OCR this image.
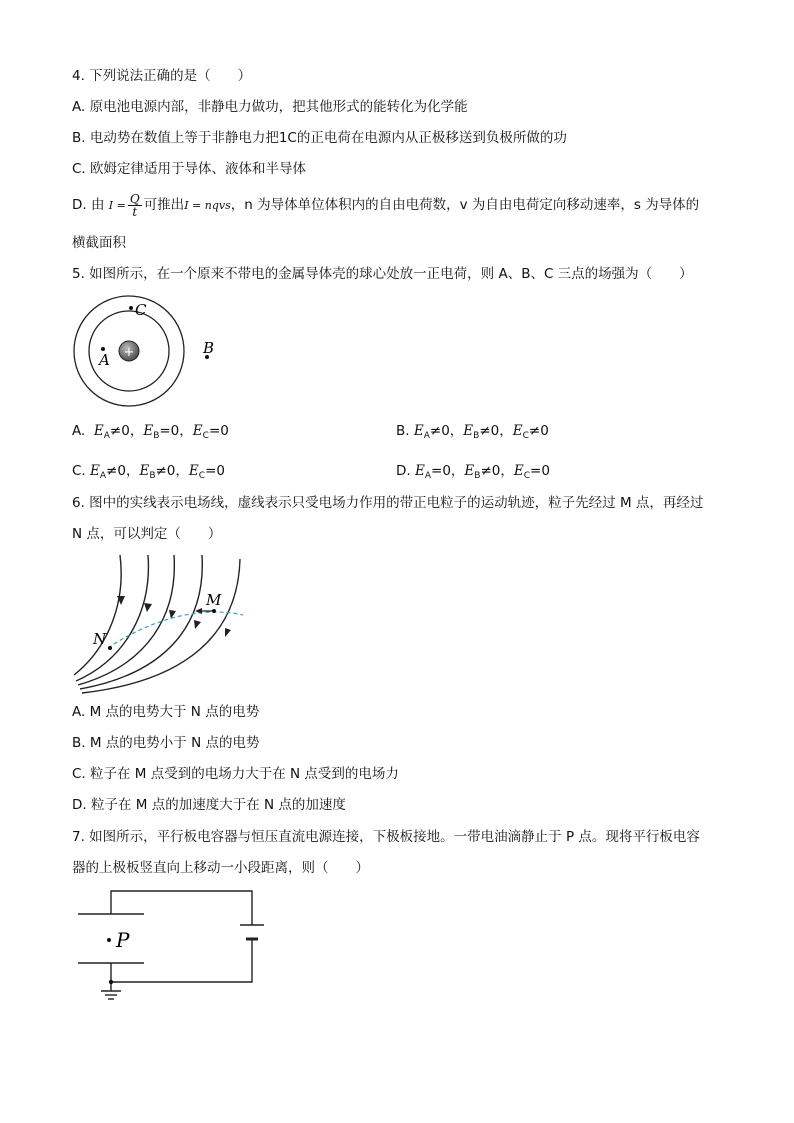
4. 下列说法正确的是（　　）
A. 原电池电源内部，非静电力做功，把其他形式的能转化为化学能
B. 电动势在数值上等于非静电力把1C的正电荷在电源内从正极移送到负极所做的功
C. 欧姆定律适用于导体、液体和半导体
D. 由 $I = \frac{Q}{t}$ 可推出I = nqvs，n 为导体单位体积内的自由电荷数，v 为自由电荷定向移动速率，s 为导体的
横截面积
5. 如图所示，在一个原来不带电的金属导体壳的球心处放一正电荷，则 A、B、C 三点的场强为（　　）
+
A
C
B
A. $E_A\ne 0$，$E_B=0$，$E_C=0$	B. $E_A\ne 0$，$E_B\ne 0$，$E_C\ne 0$
C. $E_A\ne 0$，$E_B\ne 0$，$E_C=0$	D. $E_A=0$，$E_B\ne 0$，$E_C=0$
6. 图中的实线表示电场线，虚线表示只受电场力作用的带正电粒子的运动轨迹，粒子先经过 M 点，再经过
N 点，可以判定（　　）
M
N
A. M 点的电势大于 N 点的电势
B. M 点的电势小于 N 点的电势
C. 粒子在 M 点受到的电场力大于在 N 点受到的电场力
D. 粒子在 M 点的加速度大于在 N 点的加速度
7. 如图所示，平行板电容器与恒压直流电源连接，下极板接地。一带电油滴静止于 P 点。现将平行板电容
器的上极板竖直向上移动一小段距离，则（　　）
P
